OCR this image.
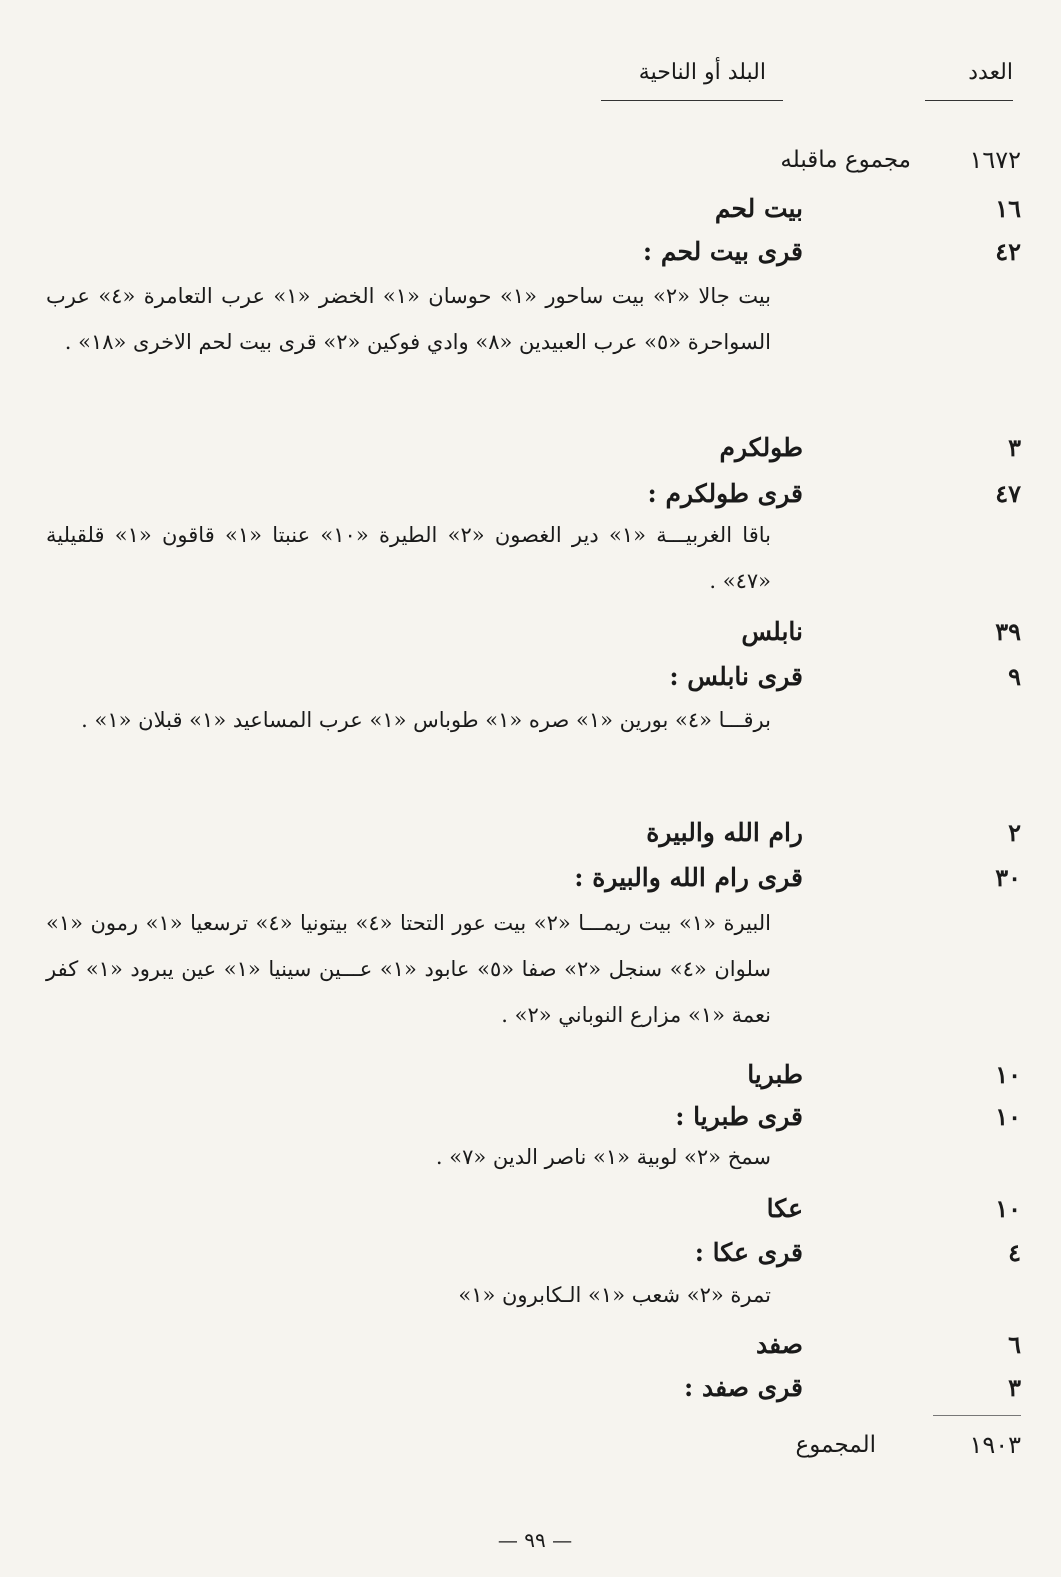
العدد
البلد أو الناحية
١٦٧٢
مجموع ماقبله
١٦
بيت لحم
٤٢
قرى بيت لحم :
بيت جالا «٢» بيت ساحور «١» حوسان «١» الخضر «١» عرب التعامرة «٤» عرب السواحرة «٥» عرب العبيدين «٨» وادي فوكين «٢» قرى بيت لحم الاخرى «١٨» .
٣
طولكرم
٤٧
قرى طولكرم :
باقا الغربيـــة «١» دير الغصون «٢» الطيرة «١٠» عنبتا «١» قاقون «١» قلقيلية «٤٧» .
٣٩
نابلس
٩
قرى نابلس :
برقـــا «٤» بورين «١» صره «١» طوباس «١» عرب المساعيد «١» قبلان «١» .
٢
رام الله والبيرة
٣٠
قرى رام الله والبيرة :
البيرة «١» بيت ريمـــا «٢» بيت عور التحتا «٤» بيتونيا «٤» ترسعيا «١» رمون «١» سلوان «٤» سنجل «٢» صفا «٥» عابود «١» عـــين سينيا «١» عين يبرود «١» كفر نعمة «١» مزارع النوباني «٢» .
١٠
طبريا
١٠
قرى طبريا :
سمخ «٢» لوبية «١» ناصر الدين «٧» .
١٠
عكا
٤
قرى عكا :
تمرة «٢» شعب «١» الـكابرون «١»
٦
صفد
٣
قرى صفد :
١٩٠٣
المجموع
— ٩٩ —
